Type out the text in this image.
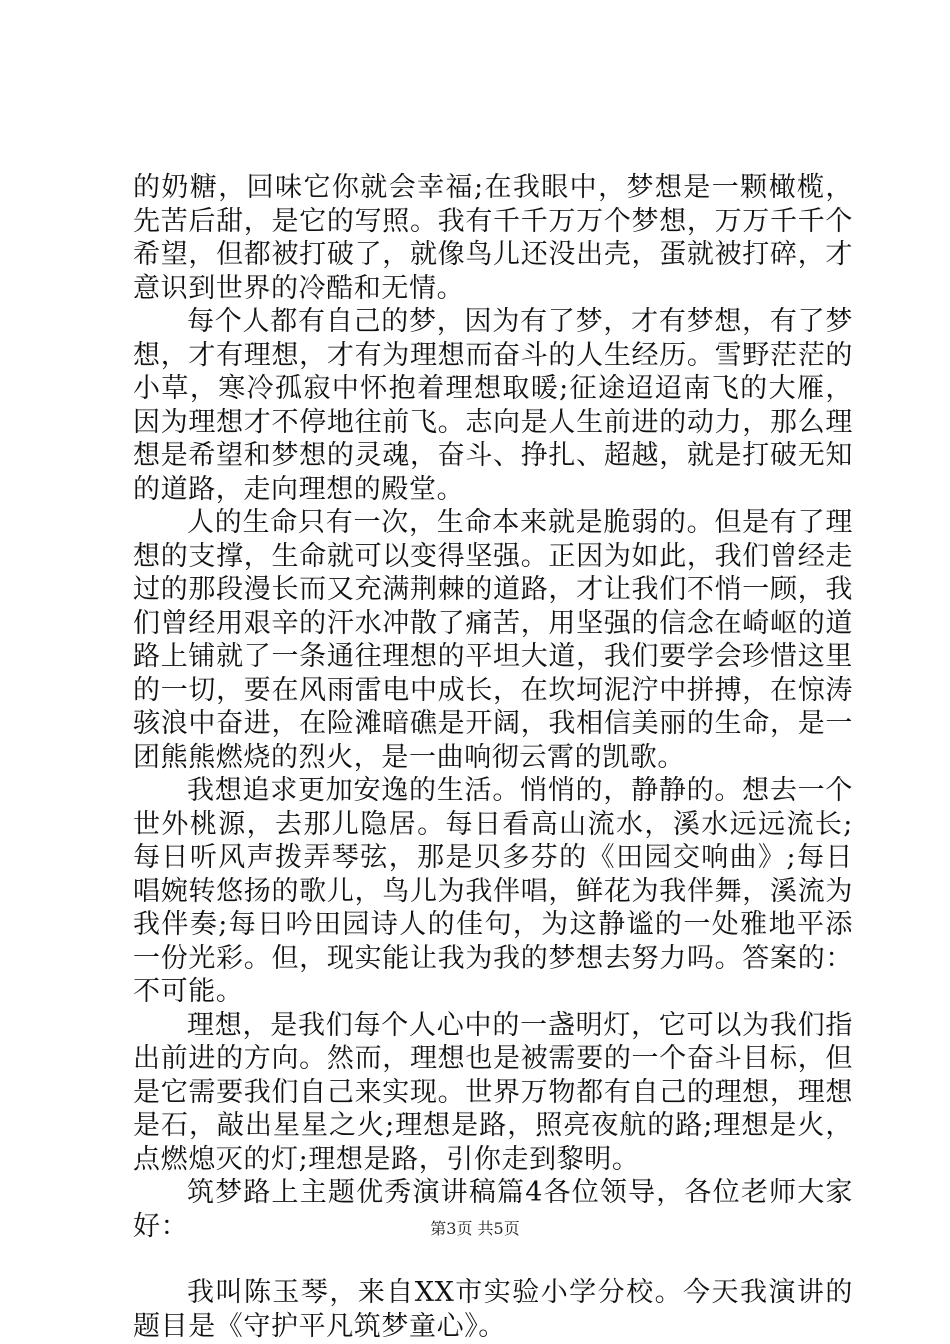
的奶糖，回味它你就会幸福;在我眼中，梦想是一颗橄榄，先苦后甜，是它的写照。我有千千万万个梦想，万万千千个希望，但都被打破了，就像鸟儿还没出壳，蛋就被打碎，才意识到世界的冷酷和无情。

每个人都有自己的梦，因为有了梦，才有梦想，有了梦想，才有理想，才有为理想而奋斗的人生经历。雪野茫茫的小草，寒冷孤寂中怀抱着理想取暖;征途迢迢南飞的大雁，因为理想才不停地往前飞。志向是人生前进的动力，那么理想是希望和梦想的灵魂，奋斗、挣扎、超越，就是打破无知的道路，走向理想的殿堂。

人的生命只有一次，生命本来就是脆弱的。但是有了理想的支撑，生命就可以变得坚强。正因为如此，我们曾经走过的那段漫长而又充满荆棘的道路，才让我们不悄一顾，我们曾经用艰辛的汗水冲散了痛苦，用坚强的信念在崎岖的道路上铺就了一条通往理想的平坦大道，我们要学会珍惜这里的一切，要在风雨雷电中成长，在坎坷泥泞中拼搏，在惊涛骇浪中奋进，在险滩暗礁是开阔，我相信美丽的生命，是一团熊熊燃烧的烈火，是一曲响彻云霄的凯歌。

我想追求更加安逸的生活。悄悄的，静静的。想去一个世外桃源，去那儿隐居。每日看高山流水，溪水远远流长;每日听风声拨弄琴弦，那是贝多芬的《田园交响曲》;每日唱婉转悠扬的歌儿，鸟儿为我伴唱，鲜花为我伴舞，溪流为我伴奏;每日吟田园诗人的佳句，为这静谧的一处雅地平添一份光彩。但，现实能让我为我的梦想去努力吗。答案的：不可能。

理想，是我们每个人心中的一盏明灯，它可以为我们指出前进的方向。然而，理想也是被需要的一个奋斗目标，但是它需要我们自己来实现。世界万物都有自己的理想，理想是石，敲出星星之火;理想是路，照亮夜航的路;理想是火，点燃熄灭的灯;理想是路，引你走到黎明。

筑梦路上主题优秀演讲稿篇4各位领导，各位老师大家好：

我叫陈玉琴，来自XX市实验小学分校。今天我演讲的题目是《守护平凡筑梦童心》。

第3页 共5页
